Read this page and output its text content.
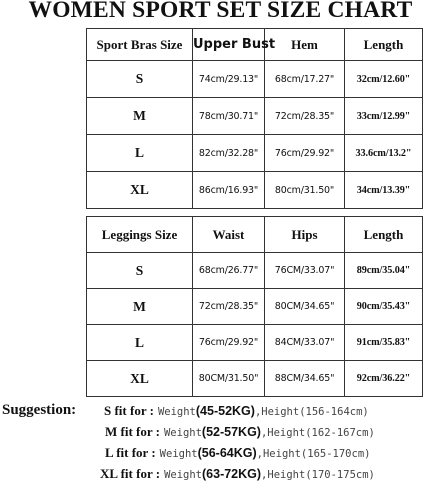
WOMEN SPORT SET SIZE CHART
Sport Bras Size	Upper Bust	Hem	Length
S	74cm/29.13"	68cm/17.27"	32cm/12.60"
M	78cm/30.71"	72cm/28.35"	33cm/12.99"
L	82cm/32.28"	76cm/29.92"	33.6cm/13.2"
XL	86cm/16.93"	80cm/31.50"	34cm/13.39"
Leggings Size	Waist	Hips	Length
S	68cm/26.77"	76CM/33.07"	89cm/35.04"
M	72cm/28.35"	80CM/34.65"	90cm/35.43"
L	76cm/29.92"	84CM/33.07"	91cm/35.83"
XL	80CM/31.50"	88CM/34.65"	92cm/36.22"
Suggestion: S fit for : Weight(45-52KG),Height(156-164cm)
M fit for : Weight(52-57KG),Height(162-167cm)
L fit for : Weight(56-64KG),Height(165-170cm)
XL fit for : Weight(63-72KG),Height(170-175cm)
